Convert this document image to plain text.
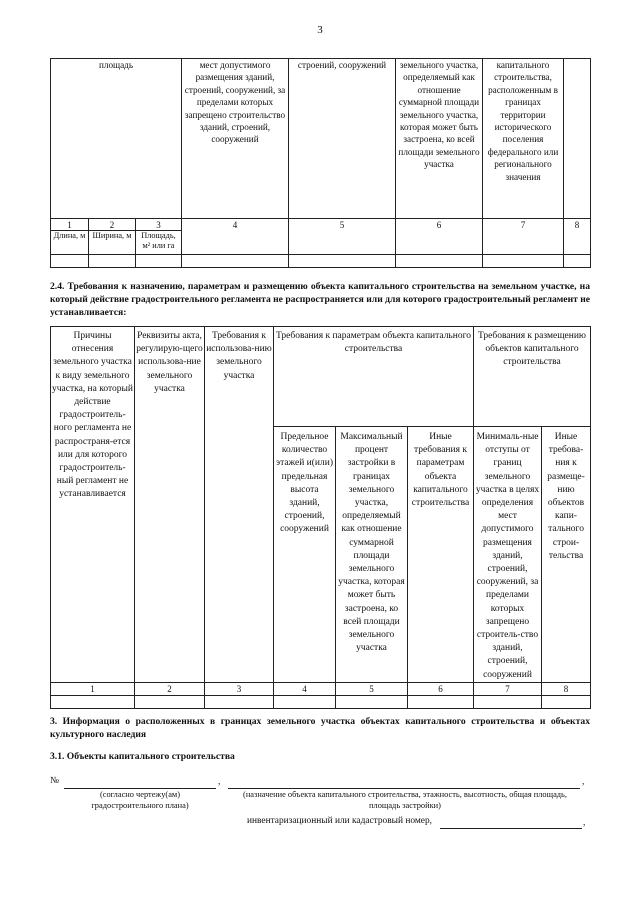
3
площадь			мест допустимого размещения зданий, строений, сооружений, за пределами которых запрещено строительство зданий, строений, сооружений	строений, сооружений	земельного участка, определяемый как отношение суммарной площади земельного участка, которая может быть застроена, ко всей площади земельного участка	капитального строительства, расположенным в границах территории исторического поселения федерального или регионального значения	
1	2	3	4	5	6	7	8
Длина, м	Ширина, м	Площадь, м² или га					

2.4. Требования к назначению, параметрам и размещению объекта капитального строительства на земельном участке, на который действие градостроительного регламента не распространяется или для которого градостроительный регламент не устанавливается:
Причины отнесения земельного участка к виду земельного участка, на который действие градостроитель-ного регламента не распространя-ется или для которого градостроитель-ный регламент не устанавливается	Реквизиты акта, регулирую-щего использова-ние земельного участка	Требования к использова-нию земельного участка	Требования к параметрам объекта капитального строительства			Требования к размещению объектов капитального строительства	
			Предельное количество этажей и(или) предельная высота зданий, строений, сооружений	Максимальный процент застройки в границах земельного участка, определяемый как отношение суммарной площади земельного участка, которая может быть застроена, ко всей площади земельного участка	Иные требования к параметрам объекта капитального строительства	Минималь-ные отступы от границ земельного участка в целях определения мест допустимого размещения зданий, строений, сооружений, за пределами которых запрещено строитель-ство зданий, строений, сооружений	Иные требова-ния к размеще-нию объектов капи-тального строи-тельства
1	2	3	4	5	6	7	8

3. Информация о расположенных в границах земельного участка объектах капитального строительства и объектах культурного наследия
3.1. Объекты капитального строительства
№	,	,
(согласно чертежу(ам) градостроительного плана)
(назначение объекта капитального строительства, этажность, высотность, общая площадь, площадь застройки)
инвентаризационный или кадастровый номер,	,
